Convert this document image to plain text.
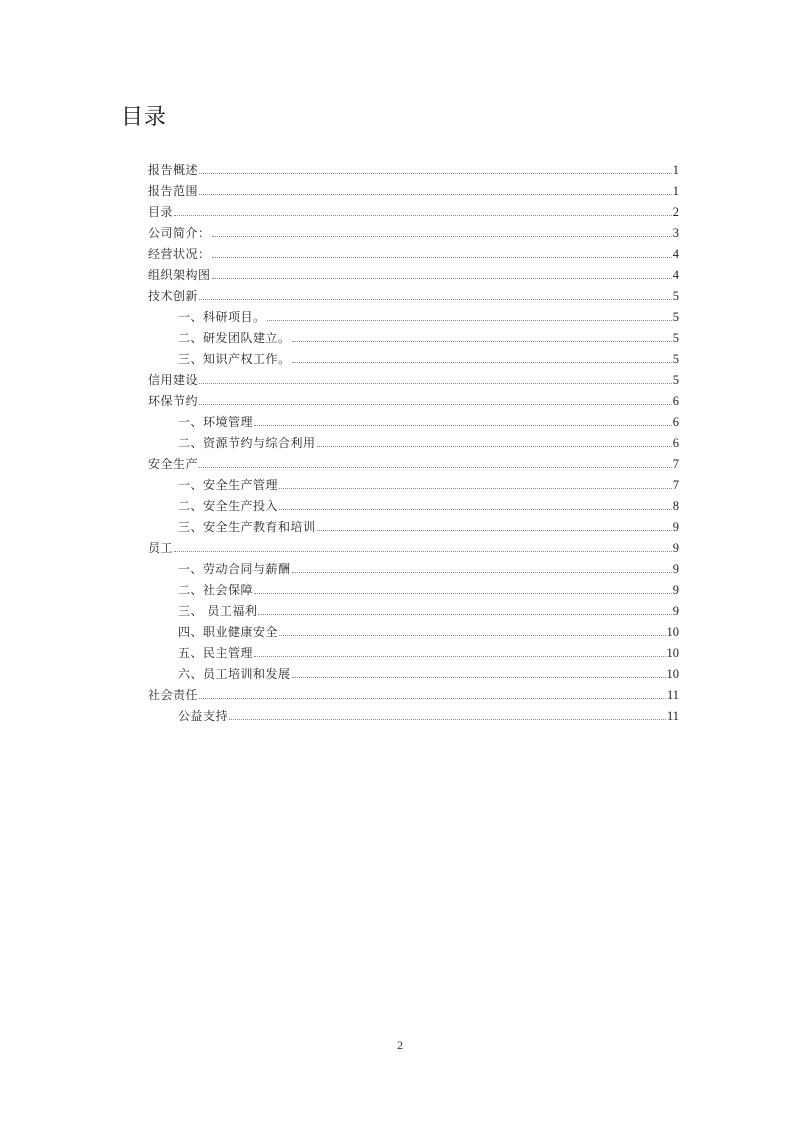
目录
报告概述	1
报告范围	1
目录	2
公司简介：	3
经营状况：	4
组织架构图	4
技术创新	5
一、科研项目。	5
二、研发团队建立。	5
三、知识产权工作。	5
信用建设	5
环保节约	6
一、环境管理	6
二、资源节约与综合利用	6
安全生产	7
一、安全生产管理	7
二、安全生产投入	8
三、安全生产教育和培训	9
员工	9
一、劳动合同与薪酬	9
二、社会保障	9
三、 员工福利	9
四、职业健康安全	10
五、民主管理	10
六、员工培训和发展	10
社会责任	11
公益支持	11
2
